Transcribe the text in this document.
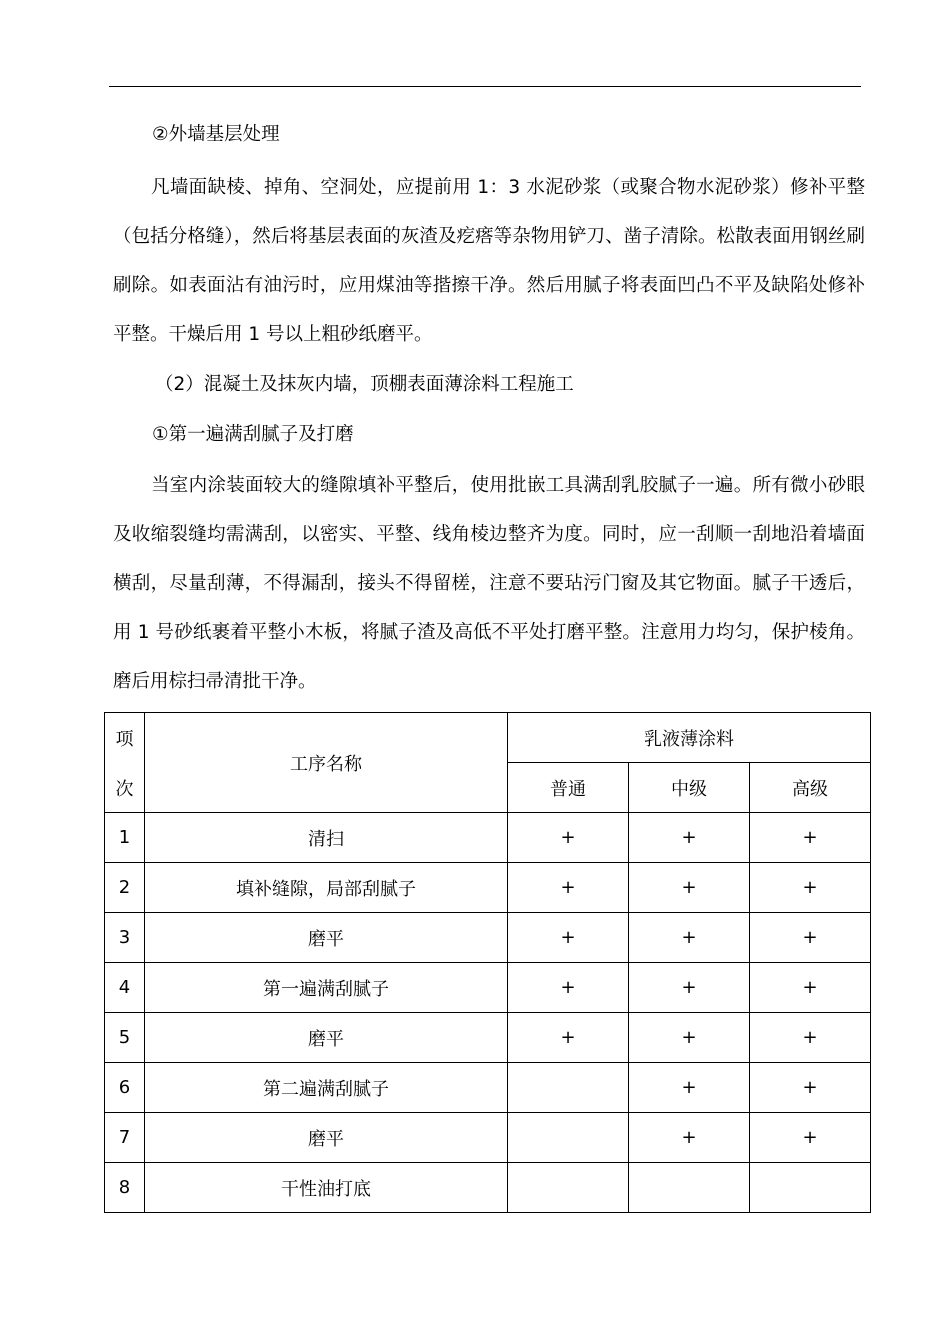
②外墙基层处理

凡墙面缺棱、掉角、空洞处，应提前用 1：3 水泥砂浆（或聚合物水泥砂浆）修补平整（包括分格缝），然后将基层表面的灰渣及疙瘩等杂物用铲刀、凿子清除。松散表面用钢丝刷刷除。如表面沾有油污时，应用煤油等揩擦干净。然后用腻子将表面凹凸不平及缺陷处修补平整。干燥后用 1 号以上粗砂纸磨平。

（2）混凝土及抹灰内墙，顶棚表面薄涂料工程施工

①第一遍满刮腻子及打磨

当室内涂装面较大的缝隙填补平整后，使用批嵌工具满刮乳胶腻子一遍。所有微小砂眼及收缩裂缝均需满刮，以密实、平整、线角棱边整齐为度。同时，应一刮顺一刮地沿着墙面横刮，尽量刮薄，不得漏刮，接头不得留槎，注意不要玷污门窗及其它物面。腻子干透后，用 1 号砂纸裹着平整小木板，将腻子渣及高低不平处打磨平整。注意用力均匀，保护棱角。磨后用棕扫帚清批干净。

项
次	工序名称	乳液薄涂料		
		普通	中级	高级
1	清扫	+	+	+
2	填补缝隙，局部刮腻子	+	+	+
3	磨平	+	+	+
4	第一遍满刮腻子	+	+	+
5	磨平	+	+	+
6	第二遍满刮腻子		+	+
7	磨平		+	+
8	干性油打底			
